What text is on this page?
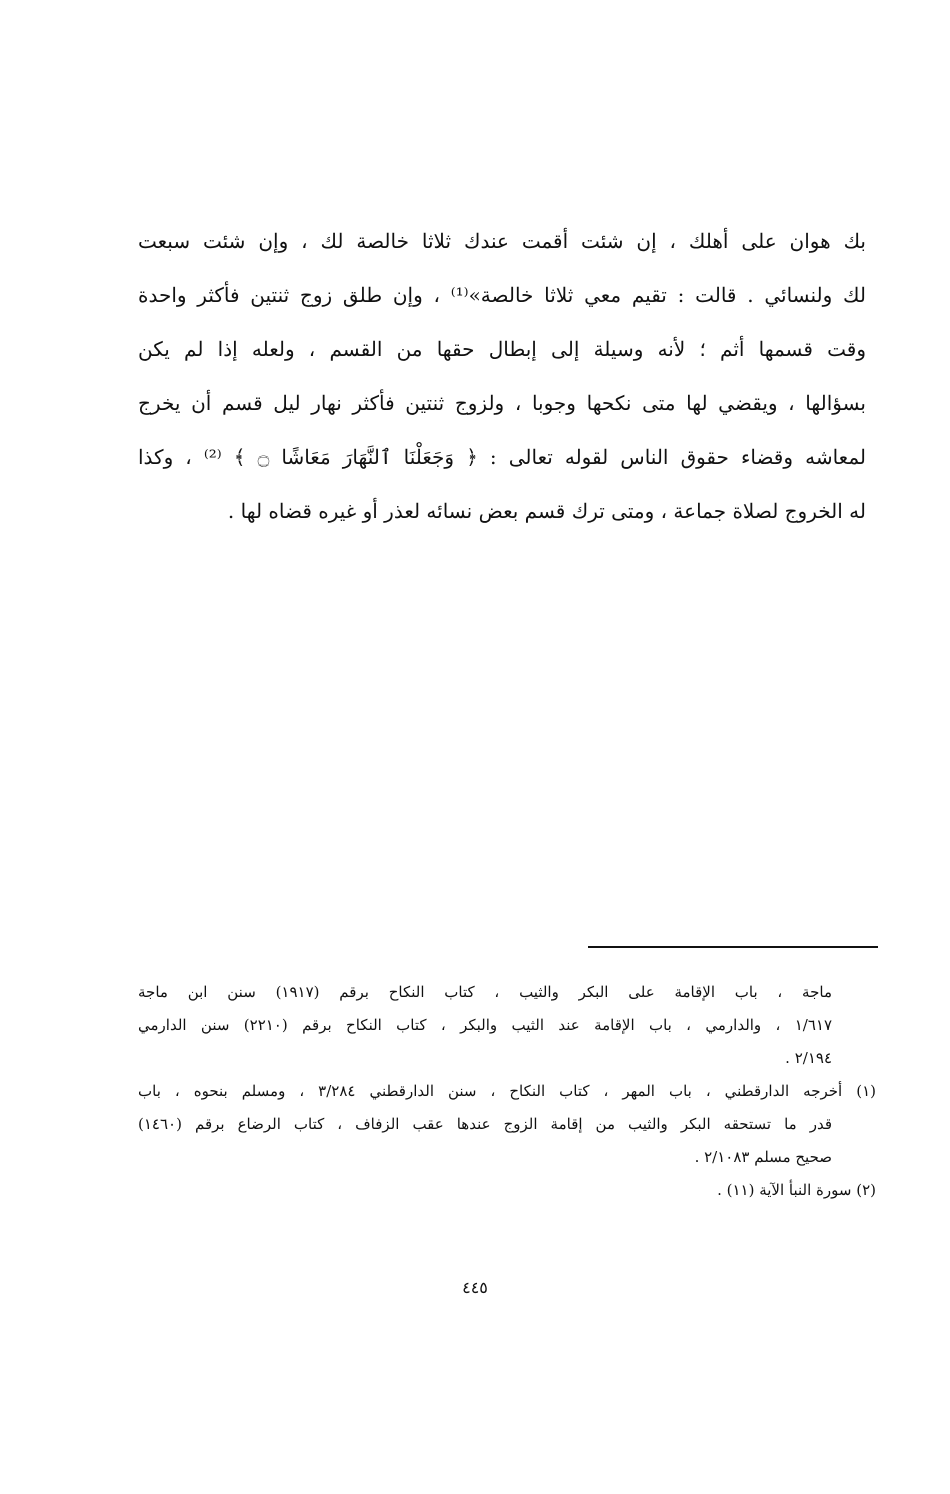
بك هوان على أهلك ، إن شئت أقمت عندك ثلاثا خالصة لك ، وإن شئت سبعت
لك ولنسائي . قالت : تقيم معي ثلاثا خالصة»⁽¹⁾ ، وإن طلق زوج ثنتين فأكثر واحدة
وقت قسمها أثم ؛ لأنه وسيلة إلى إبطال حقها من القسم ، ولعله إذا لم يكن
بسؤالها ، ويقضي لها متى نكحها وجوبا ، ولزوج ثنتين فأكثر نهار ليل قسم أن يخرج
لمعاشه وقضاء حقوق الناس لقوله تعالى : ﴿ وَجَعَلْنَا ٱلنَّهَارَ مَعَاشًا ۝ ﴾ ⁽²⁾ ، وكذا
له الخروج لصلاة جماعة ، ومتى ترك قسم بعض نسائه لعذر أو غيره قضاه لها .
ماجة ، باب الإقامة على البكر والثيب ، كتاب النكاح برقم (١٩١٧) سنن ابن ماجة
١/٦١٧ ، والدارمي ، باب الإقامة عند الثيب والبكر ، كتاب النكاح برقم (٢٢١٠) سنن الدارمي
٢/١٩٤ .
(١) أخرجه الدارقطني ، باب المهر ، كتاب النكاح ، سنن الدارقطني ٣/٢٨٤ ، ومسلم بنحوه ، باب
قدر ما تستحقه البكر والثيب من إقامة الزوج عندها عقب الزفاف ، كتاب الرضاع برقم (١٤٦٠)
صحيح مسلم ٢/١٠٨٣ .
(٢) سورة النبأ الآية (١١) .
٤٤٥
